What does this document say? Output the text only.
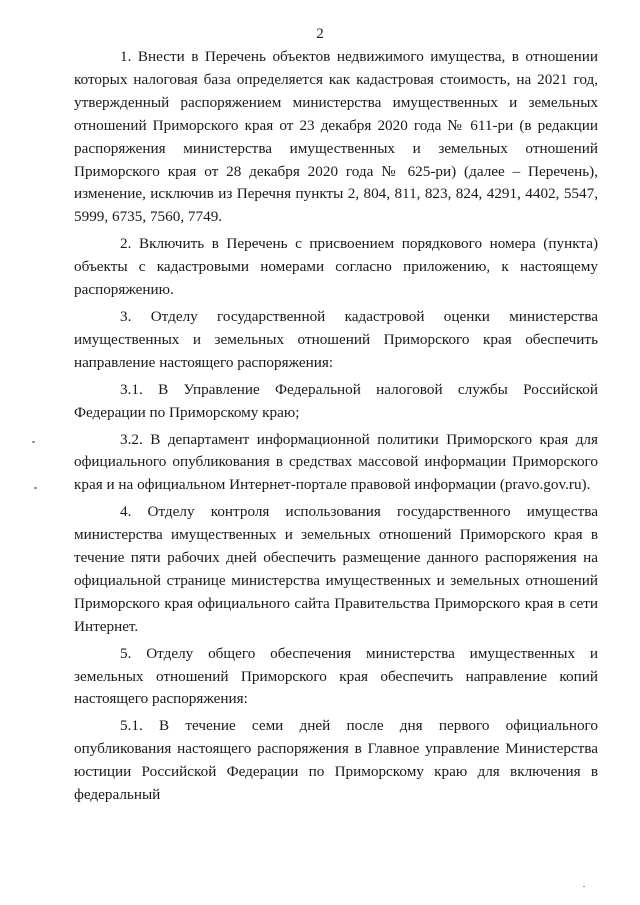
2

1. Внести в Перечень объектов недвижимого имущества, в отношении которых налоговая база определяется как кадастровая стоимость, на 2021 год, утвержденный распоряжением министерства имущественных и земельных отношений Приморского края от 23 декабря 2020 года № 611-ри (в редакции распоряжения министерства имущественных и земельных отношений Приморского края от 28 декабря 2020 года № 625-ри) (далее – Перечень), изменение, исключив из Перечня пункты 2, 804, 811, 823, 824, 4291, 4402, 5547, 5999, 6735, 7560, 7749.

2. Включить в Перечень с присвоением порядкового номера (пункта) объекты с кадастровыми номерами согласно приложению, к настоящему распоряжению.

3. Отделу государственной кадастровой оценки министерства имущественных и земельных отношений Приморского края обеспечить направление настоящего распоряжения:

3.1. В Управление Федеральной налоговой службы Российской Федерации по Приморскому краю;

3.2. В департамент информационной политики Приморского края для официального опубликования в средствах массовой информации Приморского края и на официальном Интернет-портале правовой информации (pravo.gov.ru).

4. Отделу контроля использования государственного имущества министерства имущественных и земельных отношений Приморского края в течение пяти рабочих дней обеспечить размещение данного распоряжения на официальной странице министерства имущественных и земельных отношений Приморского края официального сайта Правительства Приморского края в сети Интернет.

5. Отделу общего обеспечения министерства имущественных и земельных отношений Приморского края обеспечить направление копий настоящего распоряжения:

5.1. В течение семи дней после дня первого официального опубликования настоящего распоряжения в Главное управление Министерства юстиции Российской Федерации по Приморскому краю для включения в федеральный
